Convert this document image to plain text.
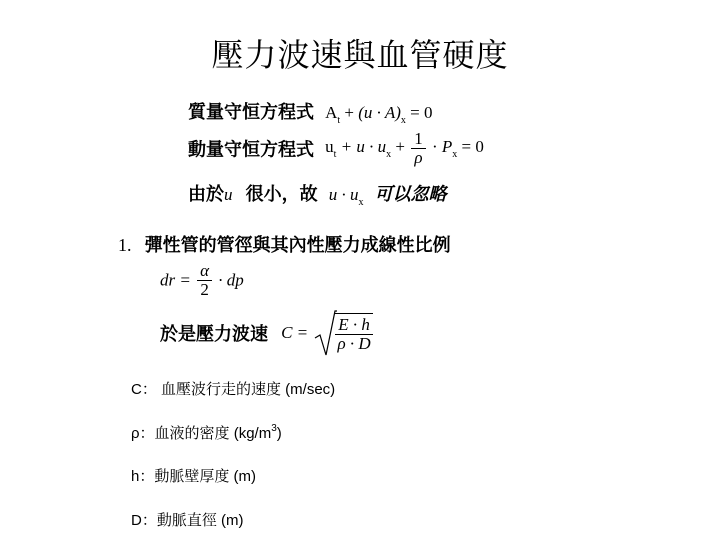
壓力波速與血管硬度
質量守恒方程式 $A_t + (u \cdot A)_x = 0$
動量守恒方程式 $u_t + u \cdot u_x + \frac{1}{\rho} \cdot P_x = 0$
由於u 很小，故 $u \cdot u_x$ 可以忽略
1. 彈性管的管徑與其內性壓力成線性比例
dr = $\frac{\alpha}{2}$ · dp
於是壓力波速 $C = \frac{E \cdot h}{\rho \cdot D}$
C： 血壓波行走的速度 (m/sec)
ρ：血液的密度 $(kg/m^3)$
h：動脈壁厚度 (m)
D：動脈直徑 (m)
